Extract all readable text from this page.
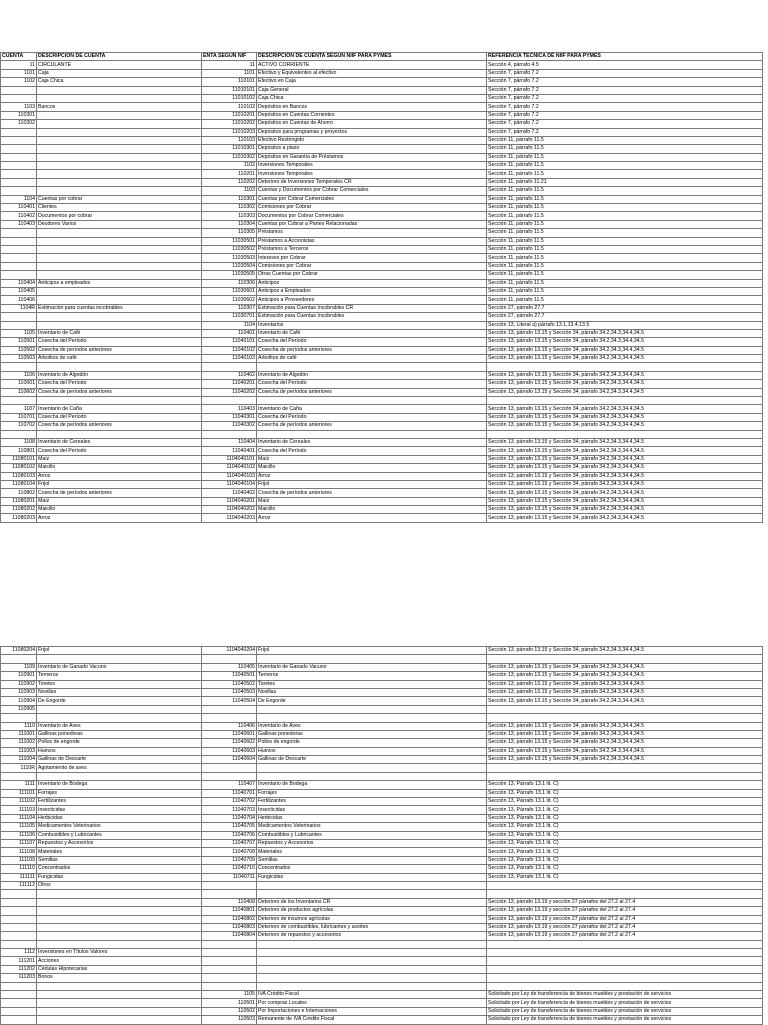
CUENTA	DESCRIPCIÓN DE CUENTA	ENTA SEGÚN NIF	DESCRIPCIÓN DE CUENTA SEGÚN NIIF PARA PYMES	REFERENCIA TÉCNICA DE NIIF PARA PYMES
11	CIRCULANTE	11	ACTIVO CORRIENTE	Sección 4, párrafo 4.5
1101	Caja	1101	Efectivo y Equivalentes al efectivo	Sección 7, párrafo 7.2
1102	Caja Chica	110101	Efectivo en Caja	Sección 7, párrafo 7.2
		11010101	Caja General	Sección 7, párrafo 7.2
		11010102	Caja Chica	Sección 7, párrafo 7.2
1103	Bancos	110102	Depósitos en Bancos	Sección 7, párrafo 7.2
110301		11010201	Depósitos en Cuentas Corrientes	Sección 7, párrafo 7.2
110302		11010202	Depósitos en Cuentas de Ahorro	Sección 7, párrafo 7.2
		11010203	Depósitos para programas y proyectos	Sección 7, párrafo 7.2
		110103	Efectivo Restringido	Sección 11, párrafo 11.5
		11010301	Depósitos a plazo	Sección 11, párrafo 11.5
		11010302	Depósitos en Garantía de Préstamos	Sección 11, párrafo 11.5
		1102	Inversiones Temporales	Sección 11, párrafo 11.5
		110201	Inversiones Temporales	Sección 11, párrafo 11.5
		110202	Deterioro de Inversiones Temporales CR	Sección 11, párrafo 11.21
		1103	Cuentas y Documentos por Cobrar Comerciales	Sección 11, párrafo 11.5
1104	Cuentas por cobrar	110301	Cuentas por Cobrar Comerciales	Sección 11, párrafo 11.5
110401	Clientes	110302	Comisiones por Cobrar	Sección 11, párrafo 11.5
110402	Documentos por cobrar	110303	Documentos por Cobrar Comerciales	Sección 11, párrafo 11.5
110403	Deudores Varios	110304	Cuentas por Cobrar a Partes Relacionadas	Sección 11, párrafo 11.5
		110305	Préstamos	Sección 11, párrafo 11.5
		11030501	Préstamos a Accionistas	Sección 11, párrafo 11.5
		11030502	Préstamos a Terceros	Sección 11, párrafo 11.5
		11030503	Intereses por Cobrar	Sección 11, párrafo 11.5
		11030504	Comisiones por Cobrar	Sección 11, párrafo 11.5
		11030505	Otras Cuentas por Cobrar	Sección 11, párrafo 11.5
110404	Anticipos a empleados	110306	Anticipos	Sección 11, párrafo 11.5
110405		11030601	Anticipos a Empleados	Sección 11, párrafo 11.5
110406		11030602	Anticipos a Proveedores	Sección 11, párrafo 11.5
1104R	Estimación para cuentas incobrables	110307	Estimación para Cuentas Incobrables CR	Sección 27, párrafo 27.7
		11030701	Estimación para Cuentas Incobrables	Sección 27, párrafo 27.7
		1104	Inventarios	Sección 13, Literal a) párrafo 13.1,13.4,13.5
1105	Inventario de Café	110401	Inventario de Café	Sección 13, párrafo 13.15 y Sección 34, párrafo 34.2,34.3,34.4,34.5
110501	Cosecha del Período	11040101	Cosecha del Período	Sección 13, párrafo 13.15 y Sección 34, párrafo 34.2,34.3,34.4,34.5
110502	Cosecha de períodos anteriores	11040102	Cosecha de períodos anteriores	Sección 13, párrafo 13.15 y Sección 34, párrafo 34.2,34.3,34.4,34.5
110503	Arbolitos de café	11040103	Arbolitos de café	Sección 13, párrafo 13.15 y Sección 34, párrafo 34.2,34.3,34.4,34.5

1106	Inventario de Algodón	110402	Inventario de Algodón	Sección 13, párrafo 13.15 y Sección 34, párrafo 34.2,34.3,34.4,34.5
110601	Cosecha del Período	11040201	Cosecha del Período	Sección 13, párrafo 13.15 y Sección 34, párrafo 34.2,34.3,34.4,34.5
110602	Cosecha de períodos anteriores	11040202	Cosecha de períodos anteriores	Sección 13, párrafo 13.15 y Sección 34, párrafo 34.2,34.3,34.4,34.5

1107	Inventario de Caña	110403	Inventario de Caña	Sección 13, párrafo 13.15 y Sección 34, párrafo 34.2,34.3,34.4,34.5
110701	Cosecha del Período	11040301	Cosecha del Período	Sección 13, párrafo 13.15 y Sección 34, párrafo 34.2,34.3,34.4,34.5
110702	Cosecha de períodos anteriores	11040302	Cosecha de períodos anteriores	Sección 13, párrafo 13.15 y Sección 34, párrafo 34.2,34.3,34.4,34.5

1108	Inventario de Cereales	110404	Inventario de Cereales	Sección 13, párrafo 13.15 y Sección 34, párrafo 34.2,34.3,34.4,34.5
110801	Cosecha del Período	11040401	Cosecha del Período	Sección 13, párrafo 13.15 y Sección 34, párrafo 34.2,34.3,34.4,34.5
11080101	Maíz	1104040101	Maíz	Sección 13, párrafo 13.15 y Sección 34, párrafo 34.2,34.3,34.4,34.5
11080102	Maicillo	1104040102	Maicillo	Sección 13, párrafo 13.15 y Sección 34, párrafo 34.2,34.3,34.4,34.5
11080103	Arroz	1104040103	Arroz	Sección 13, párrafo 13.15 y Sección 34, párrafo 34.2,34.3,34.4,34.5
11080104	Frijol	1104040104	Frijol	Sección 13, párrafo 13.15 y Sección 34, párrafo 34.2,34.3,34.4,34.5
110802	Cosecha de períodos anteriores	11040402	Cosecha de períodos anteriores	Sección 13, párrafo 13.15 y Sección 34, párrafo 34.2,34.3,34.4,34.5
11080201	Maíz	1104040201	Maíz	Sección 13, párrafo 13.15 y Sección 34, párrafo 34.2,34.3,34.4,34.5
11080202	Maicillo	1104040202	Maicillo	Sección 13, párrafo 13.15 y Sección 34, párrafo 34.2,34.3,34.4,34.5
11080203	Arroz	1104040203	Arroz	Sección 13, párrafo 13.15 y Sección 34, párrafo 34.2,34.3,34.4,34.5
11080204	Frijol	1104040204	Frijol	Sección 13, párrafo 13.15 y Sección 34, párrafo 34.2,34.3,34.4,34.5

1109	Inventario de Ganado Vacuno	110405	Inventario de Ganado Vacuno	Sección 13, párrafo 13.15 y Sección 34, párrafo 34.2,34.3,34.4,34.5
110901	Terneros	11040501	Terneros	Sección 13, párrafo 13.15 y Sección 34, párrafo 34.2,34.3,34.4,34.5
110902	Toretes	11040502	Toretes	Sección 13, párrafo 13.15 y Sección 34, párrafo 34.2,34.3,34.4,34.5
110903	Novillas	11040503	Novillas	Sección 13, párrafo 13.15 y Sección 34, párrafo 34.2,34.3,34.4,34.5
110904	De Engorde	11040504	De Engorde	Sección 13, párrafo 13.15 y Sección 34, párrafo 34.2,34.3,34.4,34.5
110905				

1110	Inventario de Aves	110406	Inventario de Aves	Sección 13, párrafo 13.15 y Sección 34, párrafo 34.2,34.3,34.4,34.5
111001	Gallinas ponedoras	11040601	Gallinas ponedoras	Sección 13, párrafo 13.15 y Sección 34, párrafo 34.2,34.3,34.4,34.5
111002	Pollos de engorde	11040602	Pollos de engorde	Sección 13, párrafo 13.15 y Sección 34, párrafo 34.2,34.3,34.4,34.5
111003	Huevos	11040603	Huevos	Sección 13, párrafo 13.15 y Sección 34, párrafo 34.2,34.3,34.4,34.5
111004	Gallinas de Descarte	11040604	Gallinas de Descarte	Sección 13, párrafo 13.15 y Sección 34, párrafo 34.2,34.3,34.4,34.5
1110R	Agotamiento de aves			

1111	Inventario de Bodega	110407	Inventario de Bodega	Sección 13, Párrafo 13.1 lit. C)
111101	Forrajes	11040701	Forrajes	Sección 13, Párrafo 13.1 lit. C)
111102	Fertilizantes	11040702	Fertilizantes	Sección 13, Párrafo 13.1 lit. C)
111103	Insecticidas	11040703	Insecticidas	Sección 13, Párrafo 13.1 lit. C)
111104	Herbicidas	11040704	Herbicidas	Sección 13, Párrafo 13.1 lit. C)
111105	Medicamentos Veterinarios	11040705	Medicamentos Veterinarios	Sección 13, Párrafo 13.1 lit. C)
111106	Combustibles y Lubricantes	11040706	Combustibles y Lubricantes	Sección 13, Párrafo 13.1 lit. C)
111107	Repuestos y Accesorios	11040707	Repuestos y Accesorios	Sección 13, Párrafo 13.1 lit. C)
111108	Materiales	11040708	Materiales	Sección 13, Párrafo 13.1 lit. C)
111109	Semillas	11040709	Semillas	Sección 13, Párrafo 13.1 lit. C)
111110	Concentrados	11040710	Concentrados	Sección 13, Párrafo 13.1 lit. C)
111111	Fungicidas	11040711	Fungicidas	Sección 13, Párrafo 13.1 lit. C)
111112	Otros			

		110408	Deterioro de los Inventarios CR	Sección 13, párrafo 13.19 y sección 27 párrafos del 27.2 al 27.4
		11040801	Deterioro de productos agrícolas	Sección 13, párrafo 13.19 y sección 27 párrafos del 27.2 al 27.4
		11040802	Deterioro de insumos agrícolas	Sección 13, párrafo 13.19 y sección 27 párrafos del 27.2 al 27.4
		11040803	Deterioro de combustibles, lubricantes y aceites	Sección 13, párrafo 13.19 y sección 27 párrafos del 27.2 al 27.4
		11040804	Deterioro de repuestos y accesorios	Sección 13, párrafo 13.19 y sección 27 párrafos del 27.2 al 27.4

1112	Inversiones en Títulos Valores			
111201	Acciones			
111202	Cédulas Hipotecarias			
111203	Bonos			

		1105	IVA Crédito Fiscal	Solicitado por Ley de transferencia de bienes muebles y prestación de servicios
		110501	Por compras Locales	Solicitado por Ley de transferencia de bienes muebles y prestación de servicios
		110502	Por Importaciones e Internaciones	Solicitado por Ley de transferencia de bienes muebles y prestación de servicios
		110503	Remanente de IVA Crédito Fiscal	Solicitado por Ley de transferencia de bienes muebles y prestación de servicios
